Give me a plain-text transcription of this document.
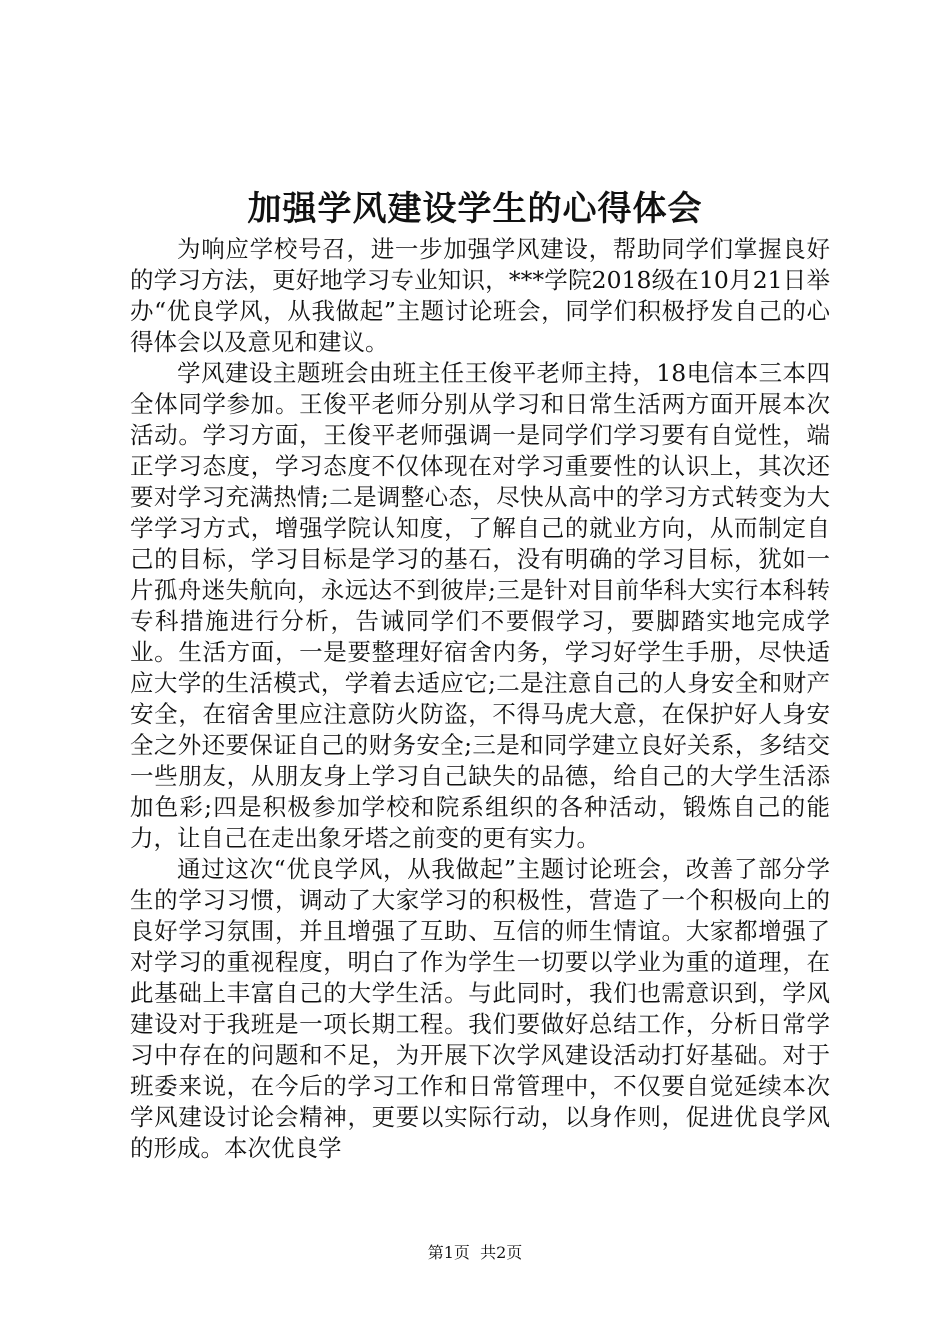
加强学风建设学生的心得体会

为响应学校号召，进一步加强学风建设，帮助同学们掌握良好的学习方法，更好地学习专业知识，***学院2018级在10月21日举办“优良学风，从我做起”主题讨论班会，同学们积极抒发自己的心得体会以及意见和建议。

学风建设主题班会由班主任王俊平老师主持，18电信本三本四全体同学参加。王俊平老师分别从学习和日常生活两方面开展本次活动。学习方面，王俊平老师强调一是同学们学习要有自觉性，端正学习态度，学习态度不仅体现在对学习重要性的认识上，其次还要对学习充满热情;二是调整心态，尽快从高中的学习方式转变为大学学习方式，增强学院认知度，了解自己的就业方向，从而制定自己的目标，学习目标是学习的基石，没有明确的学习目标，犹如一片孤舟迷失航向，永远达不到彼岸;三是针对目前华科大实行本科转专科措施进行分析，告诫同学们不要假学习，要脚踏实地完成学业。生活方面，一是要整理好宿舍内务，学习好学生手册，尽快适应大学的生活模式，学着去适应它;二是注意自己的人身安全和财产安全，在宿舍里应注意防火防盗，不得马虎大意，在保护好人身安全之外还要保证自己的财务安全;三是和同学建立良好关系，多结交一些朋友，从朋友身上学习自己缺失的品德，给自己的大学生活添加色彩;四是积极参加学校和院系组织的各种活动，锻炼自己的能力，让自己在走出象牙塔之前变的更有实力。

通过这次“优良学风，从我做起”主题讨论班会，改善了部分学生的学习习惯，调动了大家学习的积极性，营造了一个积极向上的良好学习氛围，并且增强了互助、互信的师生情谊。大家都增强了对学习的重视程度，明白了作为学生一切要以学业为重的道理，在此基础上丰富自己的大学生活。与此同时，我们也需意识到，学风建设对于我班是一项长期工程。我们要做好总结工作，分析日常学习中存在的问题和不足，为开展下次学风建设活动打好基础。对于班委来说，在今后的学习工作和日常管理中，不仅要自觉延续本次学风建设讨论会精神，更要以实际行动，以身作则，促进优良学风的形成。本次优良学

第1页  共2页
